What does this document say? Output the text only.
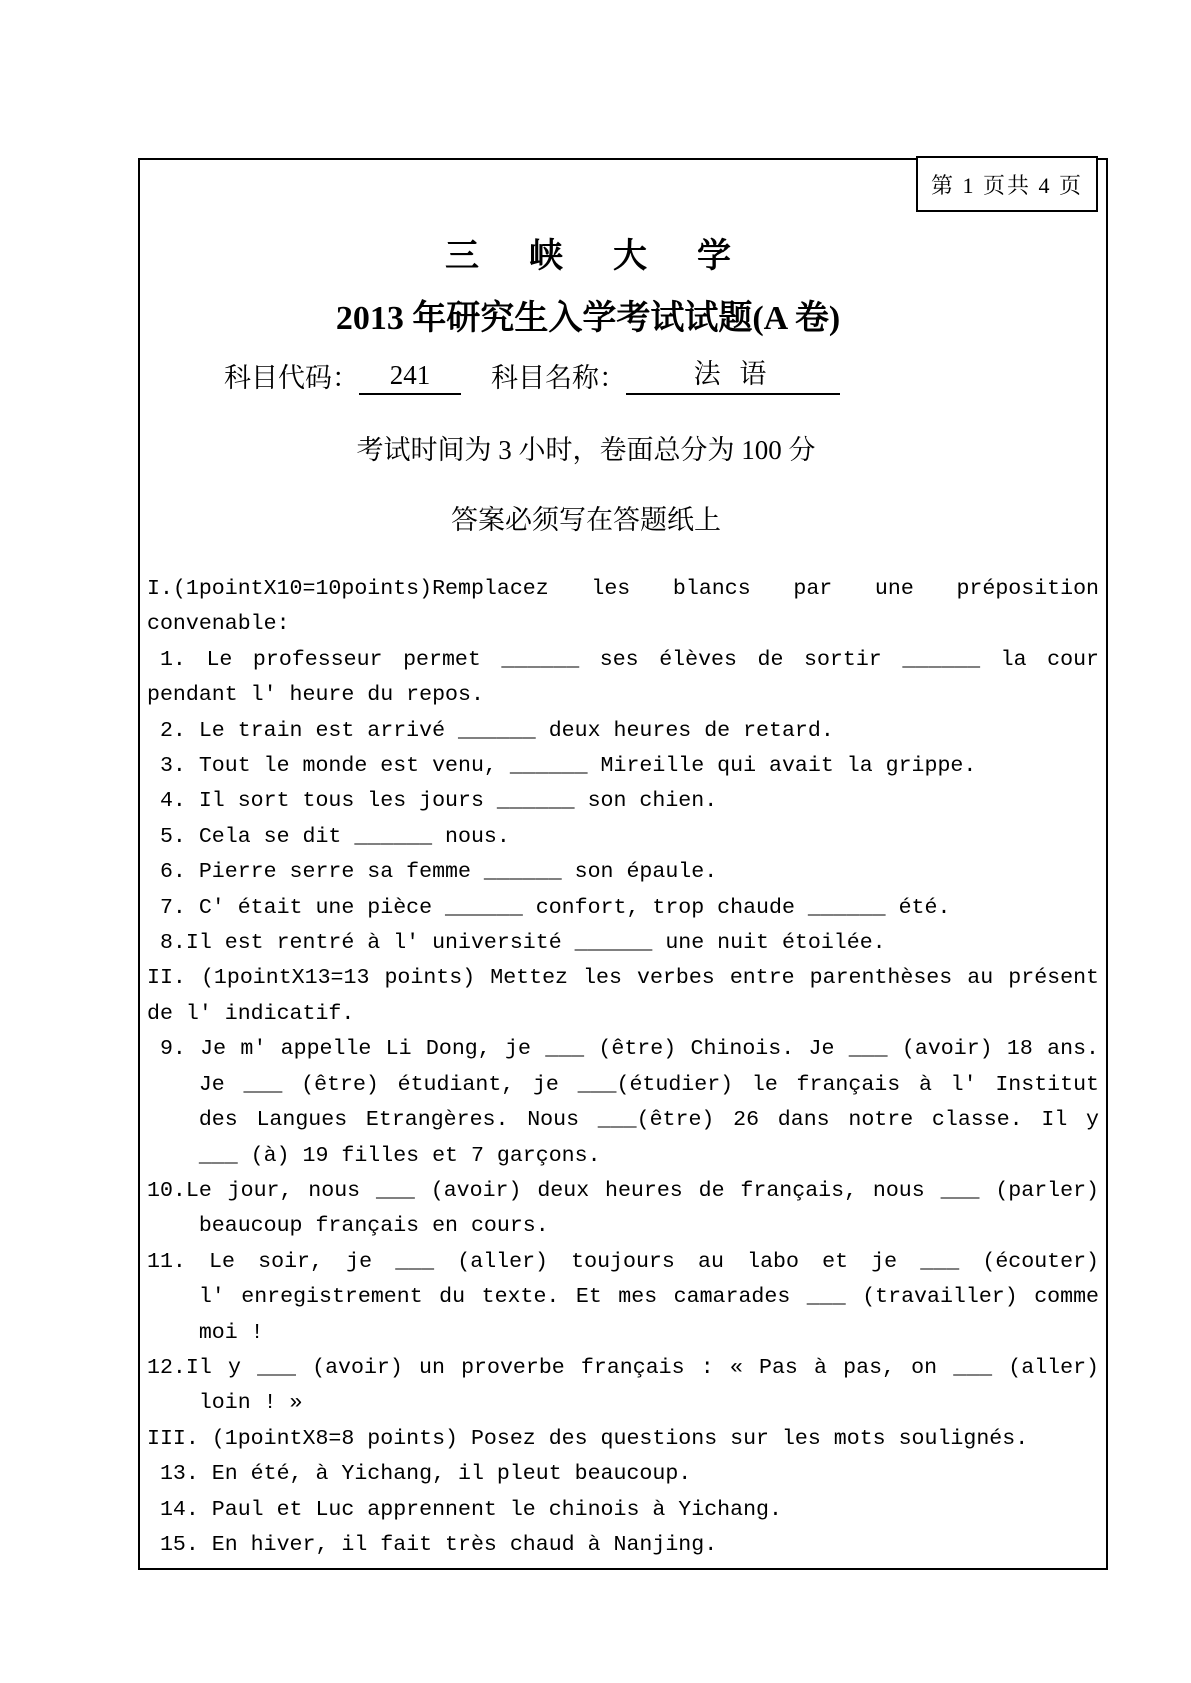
第 1 页共 4 页
三峡大学
2013 年研究生入学考试试题(A 卷)
科目代码：	241	科目名称：	法 语
考试时间为 3 小时，卷面总分为 100 分
答案必须写在答题纸上
I.(1pointX10=10points)Remplacez les blancs par une préposition
convenable:
1. Le professeur permet ______ ses élèves de sortir ______ la cour
pendant l' heure du repos.
2. Le train est arrivé ______ deux heures de retard.
3. Tout le monde est venu, ______ Mireille qui avait la grippe.
4. Il sort tous les jours ______ son chien.
5. Cela se dit ______ nous.
6. Pierre serre sa femme ______ son épaule.
7. C' était une pièce ______ confort, trop chaude ______ été.
8.Il est rentré à l' université ______ une nuit étoilée.
II. (1pointX13=13 points) Mettez les verbes entre parenthèses au présent
de l' indicatif.
9. Je m' appelle Li Dong, je ___ (être) Chinois. Je ___ (avoir) 18 ans.
Je ___ (être) étudiant, je ___(étudier) le français à l' Institut
des Langues Etrangères. Nous ___(être) 26 dans notre classe. Il y
___ (à) 19 filles et 7 garçons.
10.Le jour, nous ___ (avoir) deux heures de français, nous ___ (parler)
beaucoup français en cours.
11. Le soir, je ___ (aller) toujours au labo et je ___ (écouter)
l' enregistrement du texte. Et mes camarades ___ (travailler) comme
moi !
12.Il y ___ (avoir) un proverbe français : « Pas à pas, on ___ (aller)
loin ! »
III. (1pointX8=8 points) Posez des questions sur les mots soulignés.
13. En été, à Yichang, il pleut beaucoup.
14. Paul et Luc apprennent le chinois à Yichang.
15. En hiver, il fait très chaud à Nanjing.
